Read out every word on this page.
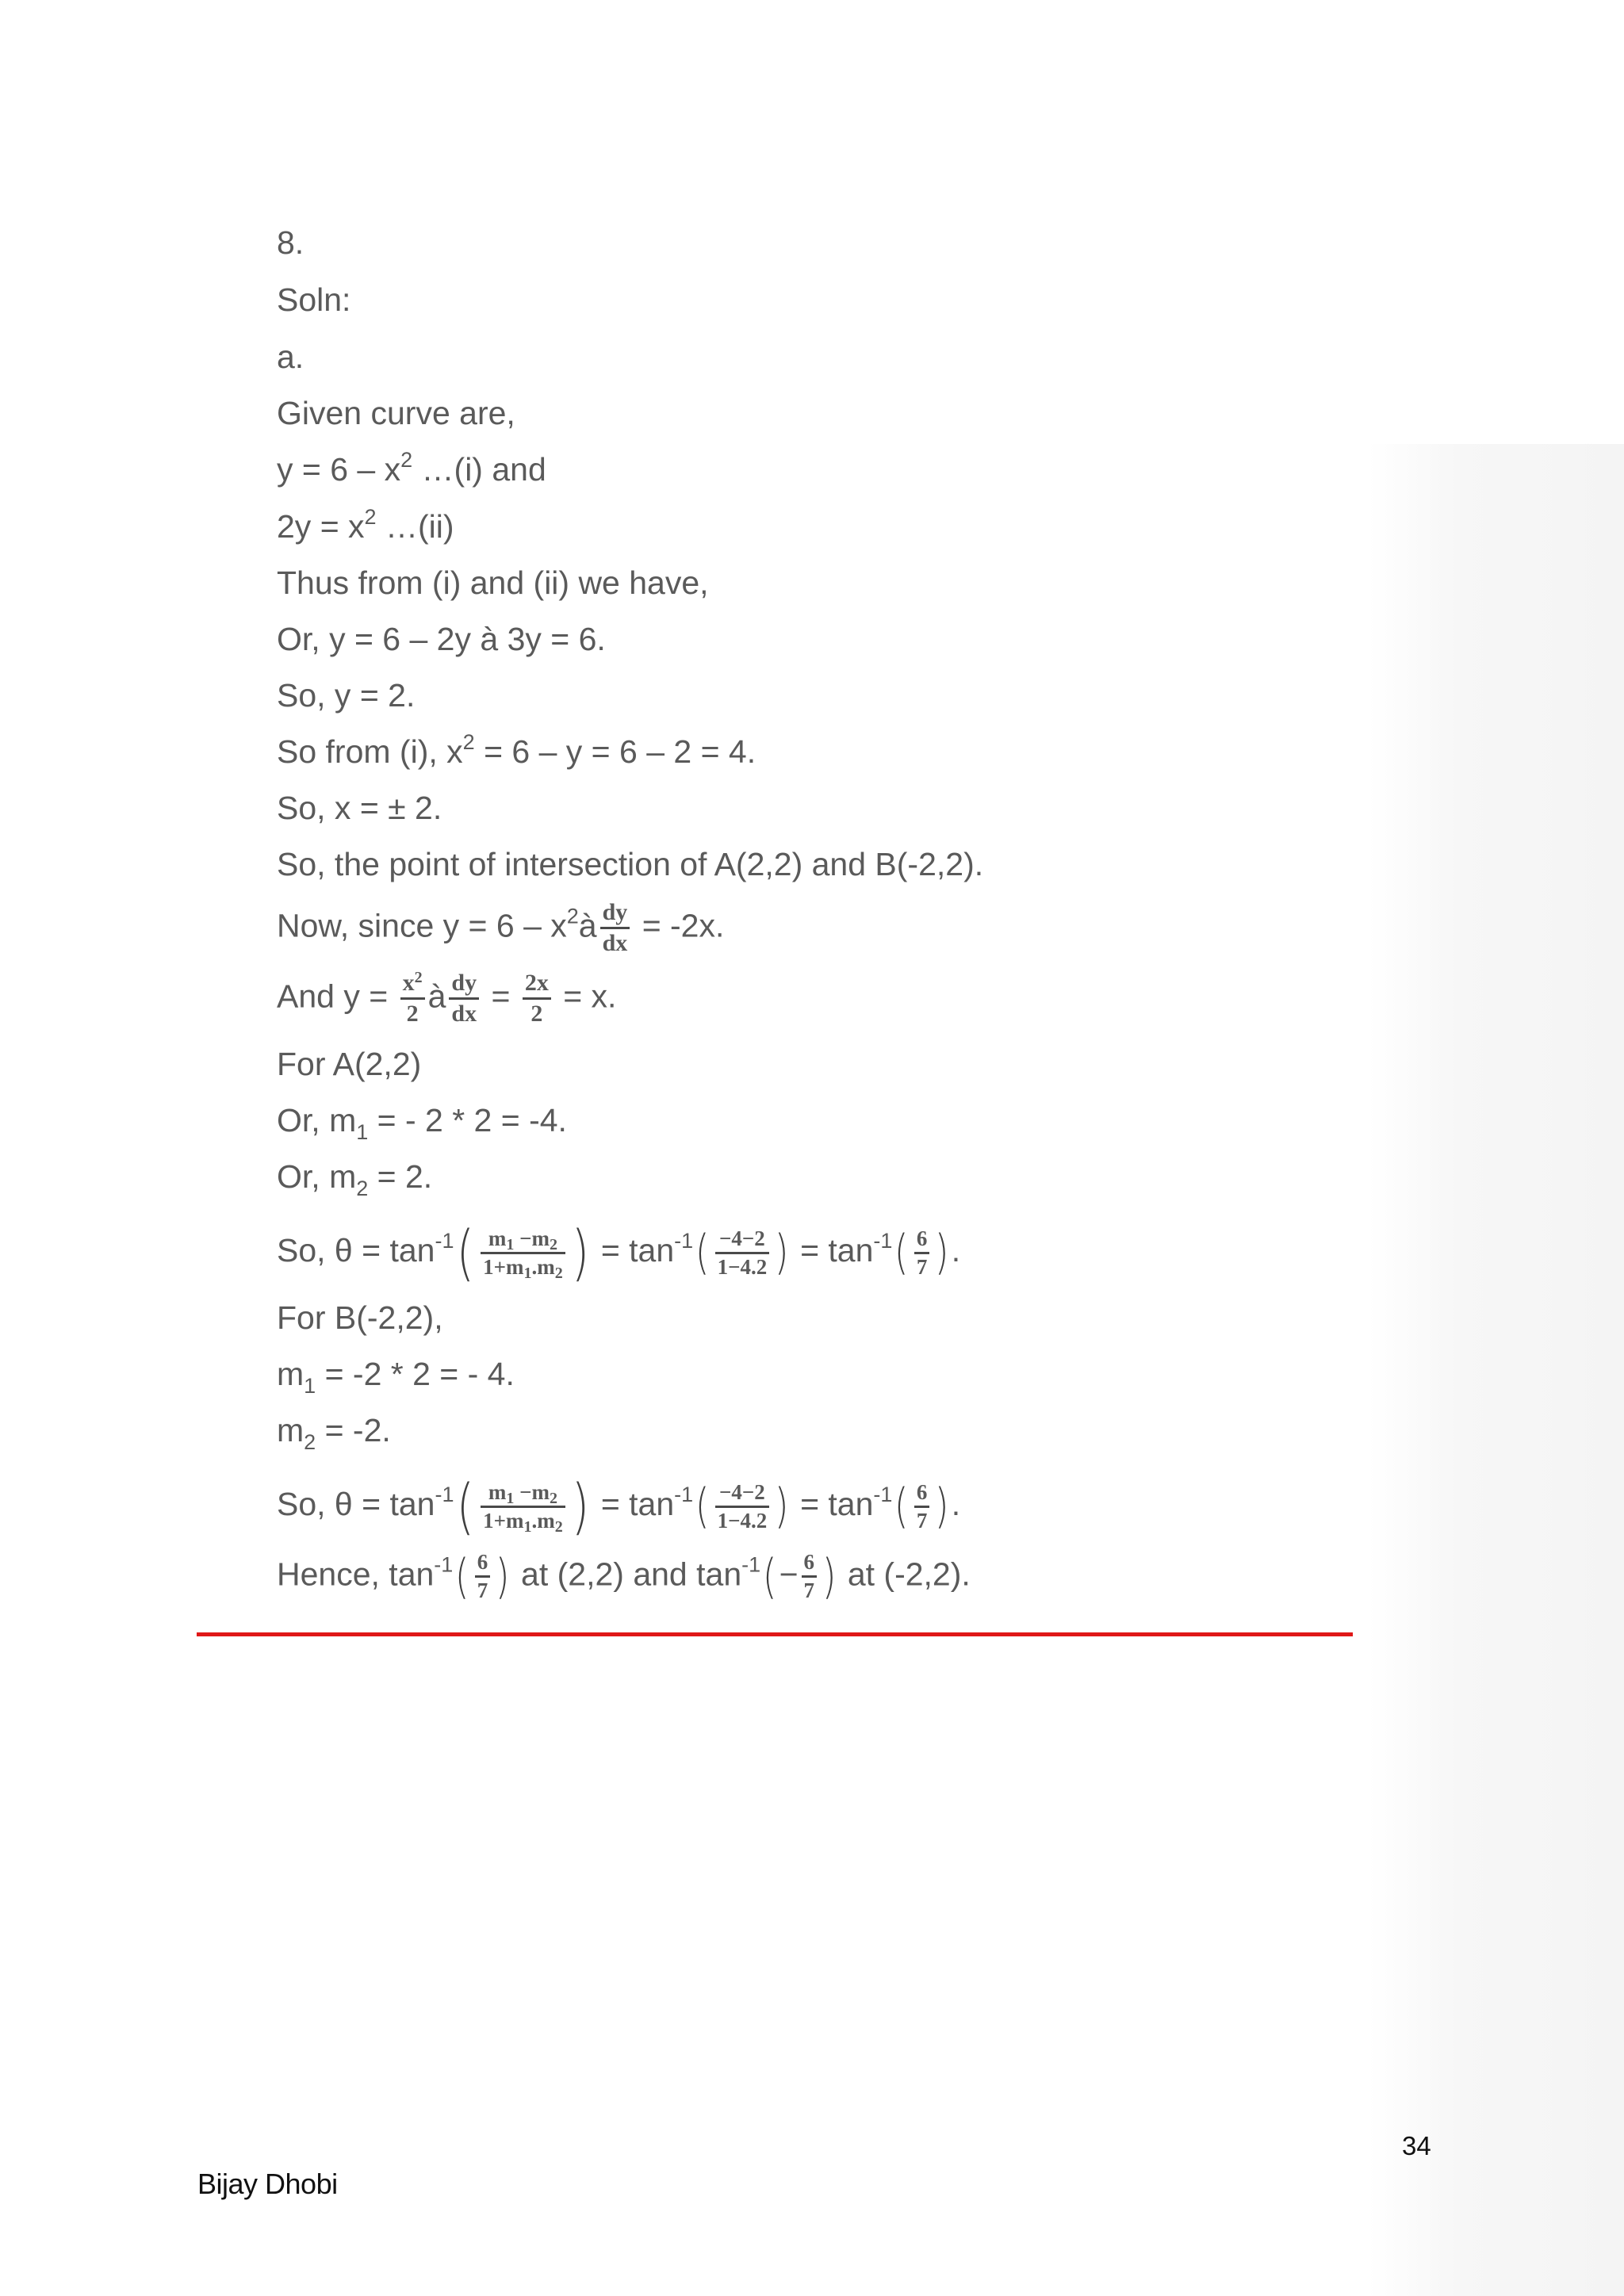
8.
Soln:
a.
Given curve are,
$y = 6 - x^2$ …(i) and
$2y = x^2$ …(ii)
Thus from (i) and (ii) we have,
Or, y = 6 – 2y à 3y = 6.
So, y = 2.
So from (i), $x^2 = 6 - y = 6 - 2 = 4$.
So, x = ± 2.
So, the point of intersection of A(2,2) and B(-2,2).
Now, since $y = 6 - x^2à \frac{dy}{dx} = -2x$.
And $y = \frac{x^2}{2}$ à $\frac{dy}{dx} = \frac{2x}{2} = x$.
For A(2,2)
Or, $m_1$ = - 2 * 2 = -4.
Or, $m_2 = 2$.
So, $\theta = \tan^{-1}( \frac{m_1 -m_2}{1+m_1.m_2}$ ) = $\tan^{-1}( \frac{-4-2}{1-4.2}$ ) = $\tan^{-1}( \frac{6}{7}$ ).
For B(-2,2),
$m_1 = -2 * 2$ = - 4.
$m_2 = -2$.
So, $\theta = \tan^{-1}( \frac{m_1 -m_2}{1+m_1.m_2}$ ) = $\tan^{-1}( \frac{-4-2}{1-4.2}$ ) = $\tan^{-1}( \frac{6}{7}$ ).
Hence, $\tan^{-1}( \frac{6}{7}$ ) at (2,2) and $\tan^{-1}(- \frac{6}{7}$ ) at (-2,2).
34
Bijay Dhobi
